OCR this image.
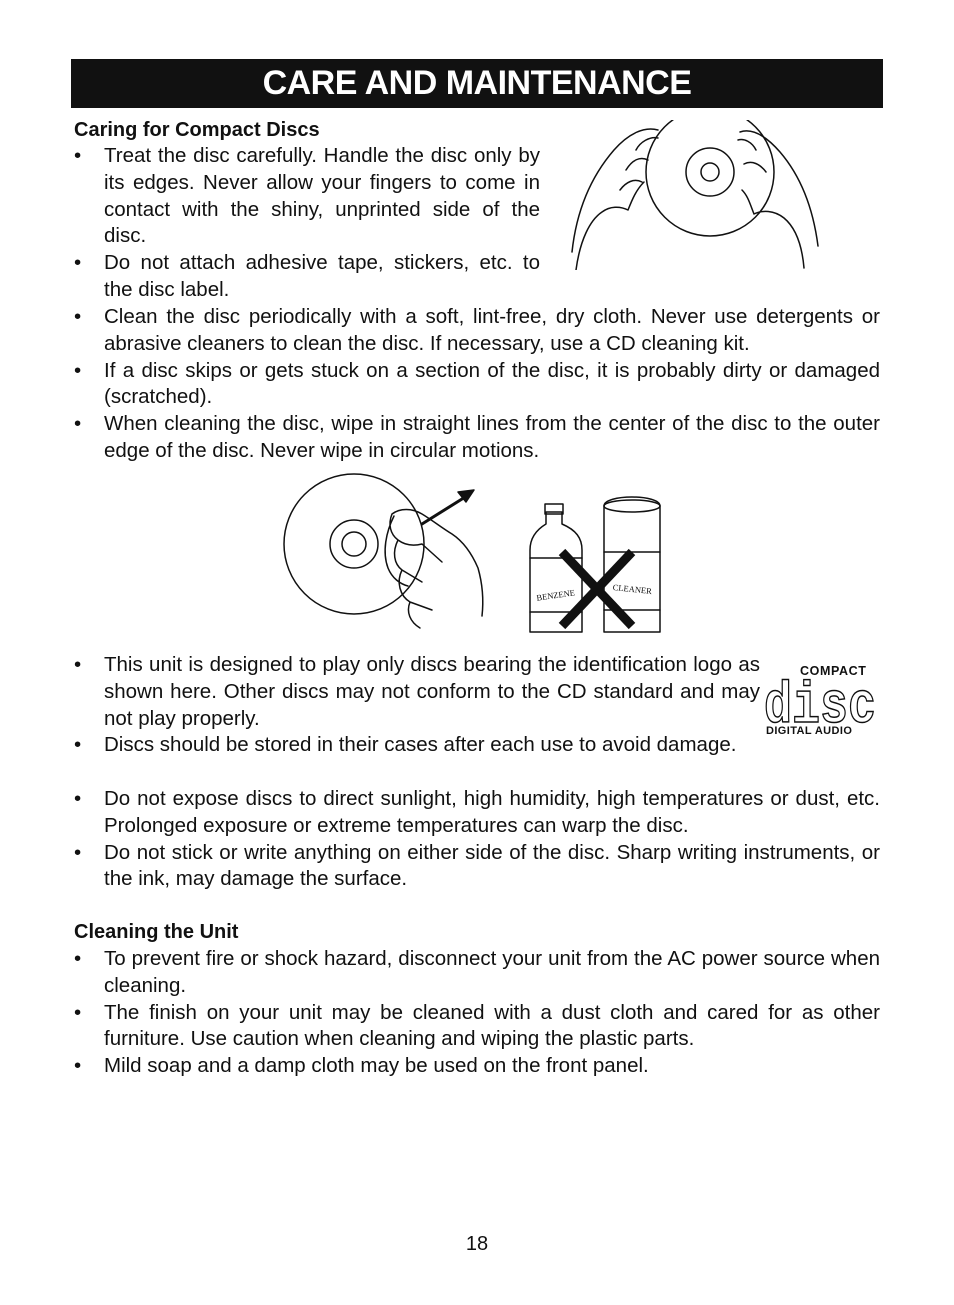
CARE AND MAINTENANCE
Caring for Compact Discs
• Treat the disc carefully. Handle the disc only by its edges. Never allow your fingers to come in contact with the shiny, unprinted side of the disc.
• Do not attach adhesive tape, stickers, etc. to the disc label.
• Clean the disc periodically with a soft, lint-free, dry cloth. Never use detergents or abrasive cleaners to clean the disc. If necessary, use a CD cleaning kit.
• If a disc skips or gets stuck on a section of the disc, it is probably dirty or damaged (scratched).
• When cleaning the disc, wipe in straight lines from the center of the disc to the outer edge of the disc. Never wipe in circular motions.
BENZENE	CLEANER
COMPACT
disc
DIGITAL AUDIO
• This unit is designed to play only discs bearing the identification logo as shown here. Other discs may not conform to the CD standard and may not play properly.
• Discs should be stored in their cases after each use to avoid damage.
• Do not expose discs to direct sunlight, high humidity, high temperatures or dust, etc. Prolonged exposure or extreme temperatures can warp the disc.
• Do not stick or write anything on either side of the disc. Sharp writing instruments, or the ink, may damage the surface.
Cleaning the Unit
• To prevent fire or shock hazard, disconnect your unit from the AC power source when cleaning.
• The finish on your unit may be cleaned with a dust cloth and cared for as other furniture. Use caution when cleaning and wiping the plastic parts.
• Mild soap and a damp cloth may be used on the front panel.
18
